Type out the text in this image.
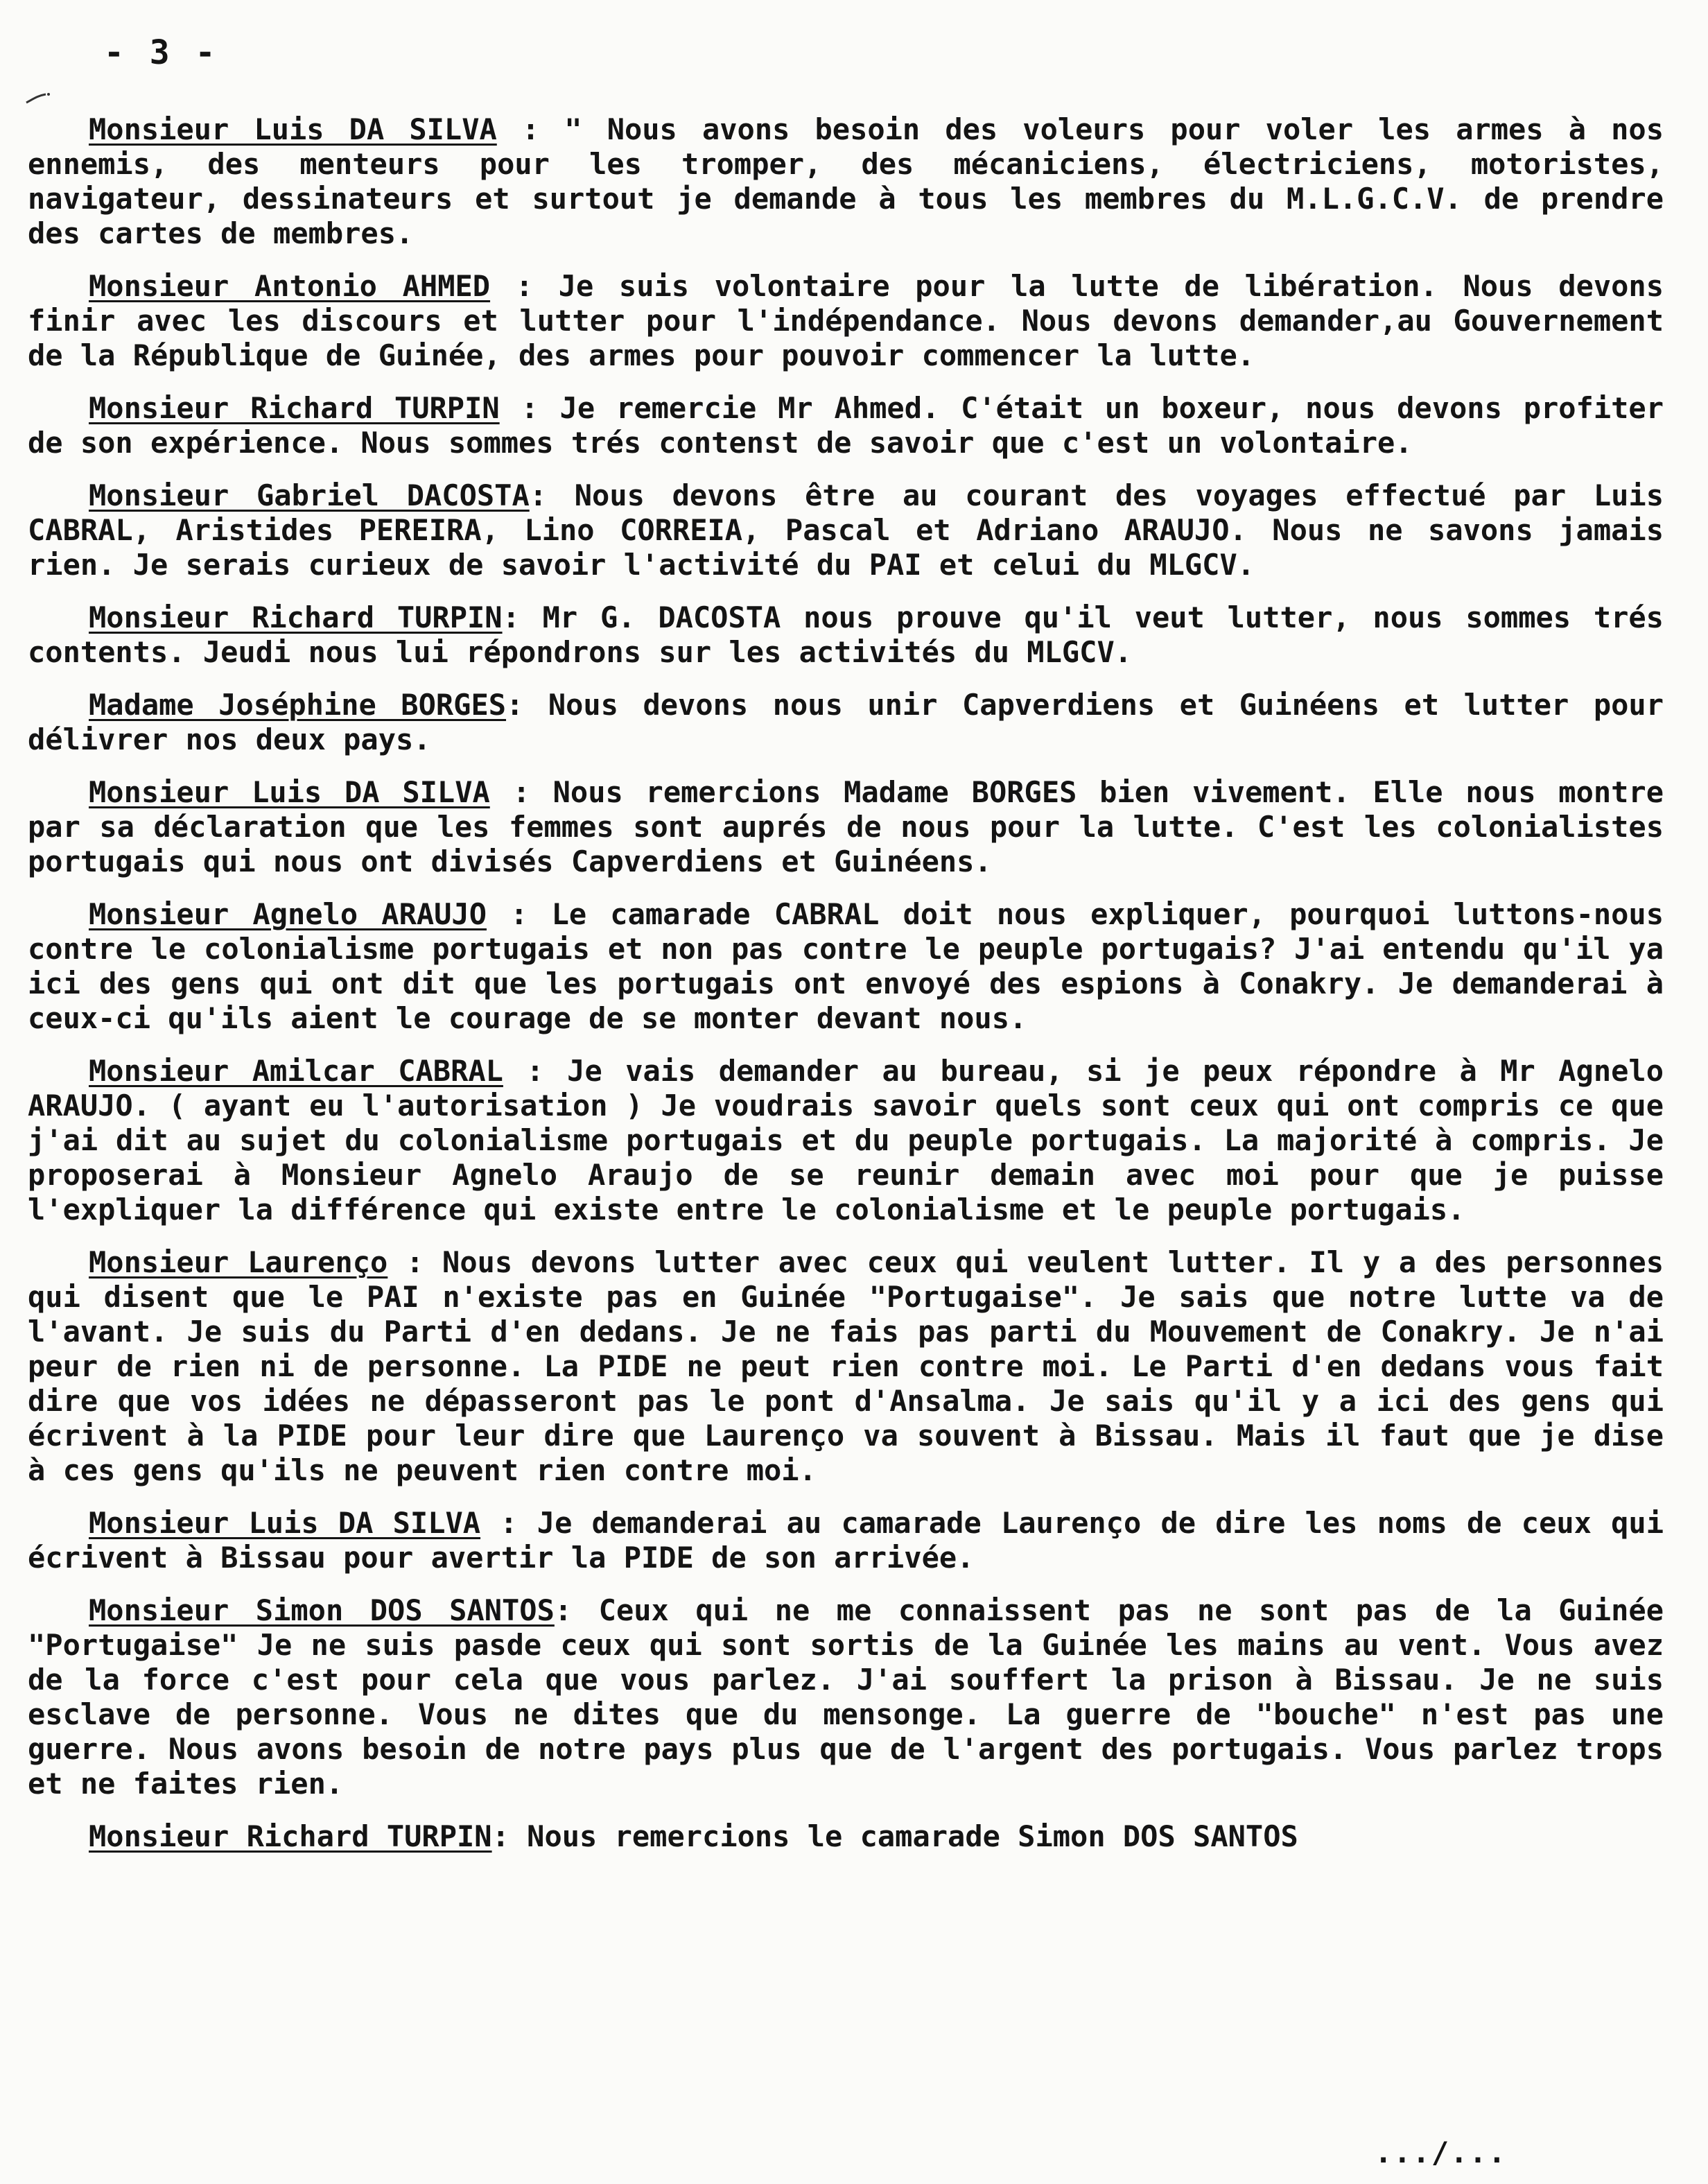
- 3 -

Monsieur Luis DA SILVA : " Nous avons besoin des voleurs pour voler les armes à nos ennemis, des menteurs pour les tromper, des mécaniciens, électriciens, motoristes, navigateur, dessinateurs et surtout je demande à tous les membres du M.L.G.C.V. de prendre des cartes de membres.

Monsieur Antonio AHMED : Je suis volontaire pour la lutte de libération. Nous devons finir avec les discours et lutter pour l'indépendance. Nous devons demander,au Gouvernement de la République de Guinée, des armes pour pouvoir commencer la lutte.

Monsieur Richard TURPIN : Je remercie Mr Ahmed. C'était un boxeur, nous devons profiter de son expérience. Nous sommes trés contenst de savoir que c'est un volontaire.

Monsieur Gabriel DACOSTA: Nous devons être au courant des voyages effectué par Luis CABRAL, Aristides PEREIRA, Lino CORREIA, Pascal et Adriano ARAUJO. Nous ne savons jamais rien. Je serais curieux de savoir l'activité du PAI et celui du MLGCV.

Monsieur Richard TURPIN: Mr G. DACOSTA nous prouve qu'il veut lutter, nous sommes trés contents. Jeudi nous lui répondrons sur les activités du MLGCV.

Madame Joséphine BORGES: Nous devons nous unir Capverdiens et Guinéens et lutter pour délivrer nos deux pays.

Monsieur Luis DA SILVA : Nous remercions Madame BORGES bien vivement. Elle nous montre par sa déclaration que les femmes sont auprés de nous pour la lutte. C'est les colonialistes portugais qui nous ont divisés Capverdiens et Guinéens.

Monsieur Agnelo ARAUJO : Le camarade CABRAL doit nous expliquer, pourquoi luttons-nous contre le colonialisme portugais et non pas contre le peuple portugais? J'ai entendu qu'il ya ici des gens qui ont dit que les portugais ont envoyé des espions à Conakry. Je demanderai à ceux-ci qu'ils aient le courage de se monter devant nous.

Monsieur Amilcar CABRAL : Je vais demander au bureau, si je peux répondre à Mr Agnelo ARAUJO. ( ayant eu l'autorisation ) Je voudrais savoir quels sont ceux qui ont compris ce que j'ai dit au sujet du colonialisme portugais et du peuple portugais. La majorité à compris. Je proposerai à Monsieur Agnelo Araujo de se reunir demain avec moi pour que je puisse l'expliquer la différence qui existe entre le colonialisme et le peuple portugais.

Monsieur Laurenço : Nous devons lutter avec ceux qui veulent lutter. Il y a des personnes qui disent que le PAI n'existe pas en Guinée "Portugaise". Je sais que notre lutte va de l'avant. Je suis du Parti d'en dedans. Je ne fais pas parti du Mouvement de Conakry. Je n'ai peur de rien ni de personne. La PIDE ne peut rien contre moi. Le Parti d'en dedans vous fait dire que vos idées ne dépasseront pas le pont d'Ansalma. Je sais qu'il y a ici des gens qui écrivent à la PIDE pour leur dire que Laurenço va souvent à Bissau. Mais il faut que je dise à ces gens qu'ils ne peuvent rien contre moi.

Monsieur Luis DA SILVA : Je demanderai au camarade Laurenço de dire les noms de ceux qui écrivent à Bissau pour avertir la PIDE de son arrivée.

Monsieur Simon DOS SANTOS: Ceux qui ne me connaissent pas ne sont pas de la Guinée "Portugaise" Je ne suis pasde ceux qui sont sortis de la Guinée les mains au vent. Vous avez de la force c'est pour cela que vous parlez. J'ai souffert la prison à Bissau. Je ne suis esclave de personne. Vous ne dites que du mensonge. La guerre de "bouche" n'est pas une guerre. Nous avons besoin de notre pays plus que de l'argent des portugais. Vous parlez trops et ne faites rien.

Monsieur Richard TURPIN: Nous remercions le camarade Simon DOS SANTOS

.../...
